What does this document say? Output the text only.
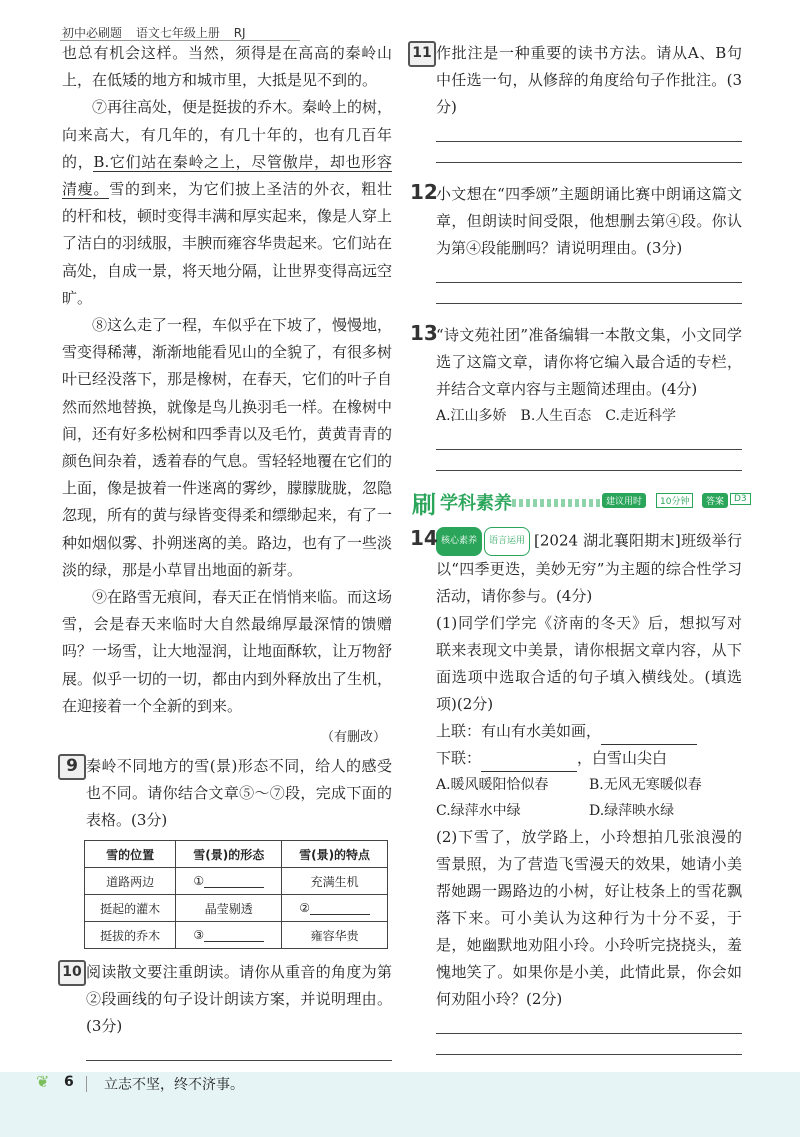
初中必刷题 语文七年级上册 RJ

也总有机会这样。当然，须得是在高高的秦岭山上，在低矮的地方和城市里，大抵是见不到的。

⑦再往高处，便是挺拔的乔木。秦岭上的树，向来高大，有几年的，有几十年的，也有几百年的，B.它们站在秦岭之上，尽管傲岸，却也形容清瘦。雪的到来，为它们披上圣洁的外衣，粗壮的杆和枝，顿时变得丰满和厚实起来，像是人穿上了洁白的羽绒服，丰腴而雍容华贵起来。它们站在高处，自成一景，将天地分隔，让世界变得高远空旷。

⑧这么走了一程，车似乎在下坡了，慢慢地，雪变得稀薄，渐渐地能看见山的全貌了，有很多树叶已经没落下，那是橡树，在春天，它们的叶子自然而然地替换，就像是鸟儿换羽毛一样。在橡树中间，还有好多松树和四季青以及毛竹，黄黄青青的颜色间杂着，透着春的气息。雪轻轻地覆在它们的上面，像是披着一件迷离的雾纱，朦朦胧胧，忽隐忽现，所有的黄与绿皆变得柔和缥缈起来，有了一种如烟似雾、扑朔迷离的美。路边，也有了一些淡淡的绿，那是小草冒出地面的新芽。

⑨在路雪无痕间，春天正在悄悄来临。而这场雪，会是春天来临时大自然最绵厚最深情的馈赠吗？一场雪，让大地湿润，让地面酥软，让万物舒展。似乎一切的一切，都由内到外释放出了生机，在迎接着一个全新的到来。

（有删改）

9 秦岭不同地方的雪(景)形态不同，给人的感受也不同。请你结合文章⑤～⑦段，完成下面的表格。(3分)

雪的位置	雪(景)的形态	雪(景)的特点
道路两边	①	充满生机
挺起的灌木	晶莹剔透	②
挺拔的乔木	③	雍容华贵
10 阅读散文要注重朗读。请你从重音的角度为第②段画线的句子设计朗读方案，并说明理由。(3分)

11 作批注是一种重要的读书方法。请从A、B句中任选一句，从修辞的角度给句子作批注。(3分)

12

小文想在“四季颂”主题朗诵比赛中朗诵这篇文章，但朗读时间受限，他想删去第④段。你认为第④段能删吗？请说明理由。(3分)

13

“诗文苑社团”准备编辑一本散文集，小文同学选了这篇文章，请你将它编入最合适的专栏，并结合文章内容与主题简述理由。(4分)

A.江山多娇　B.人生百态　C.走近科学

刷 学科素养	建议用时	10分钟	答案	D3
14 核心素养 语言运用 [2024 湖北襄阳期末]班级举行以“四季更迭，美妙无穷”为主题的综合性学习活动，请你参与。(4分)

(1)同学们学完《济南的冬天》后，想拟写对联来表现文中美景，请你根据文章内容，从下面选项中选取合适的句子填入横线处。(填选项)(2分)

上联：有山有水美如画，

下联：	，白雪山尖白

A.暖风暖阳恰似春	B.无风无寒暖似春
C.绿萍水中绿	D.绿萍映水绿

(2)下雪了，放学路上，小玲想拍几张浪漫的雪景照，为了营造飞雪漫天的效果，她请小美帮她踢一踢路边的小树，好让枝条上的雪花飘落下来。可小美认为这种行为十分不妥，于是，她幽默地劝阻小玲。小玲听完挠挠头，羞愧地笑了。如果你是小美，此情此景，你会如何劝阻小玲？(2分)

❦ 6 立志不坚，终不济事。
